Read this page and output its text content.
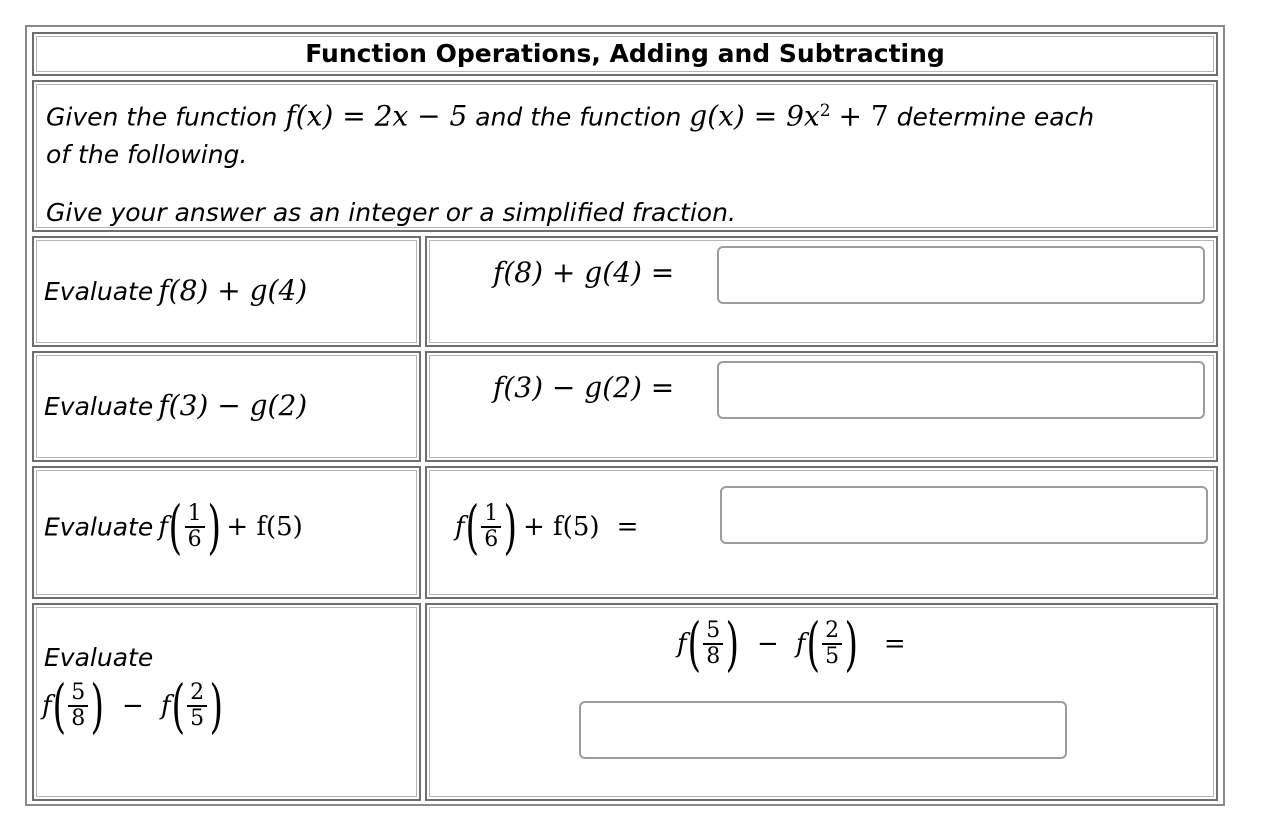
Function Operations, Adding and Subtracting
Given the function f(x) = 2x − 5 and the function $g(x) = 9x^2 + 7$ determine each
of the following.
Give your answer as an integer or a simplified fraction.
Evaluate f(8) + g(4)
f(8) + g(4) =
Evaluate f(3) − g(2)
f(3) − g(2) =
Evaluate $f( \frac{1}{6}$ ) + f(5)	$f( \frac{1}{6}$ ) + f(5) =
Evaluate
$f( \frac{5}{8}$ ) − $f( \frac{2}{5}$ )
$f( \frac{5}{8}$ ) − $f( \frac{2}{5}$ ) =
